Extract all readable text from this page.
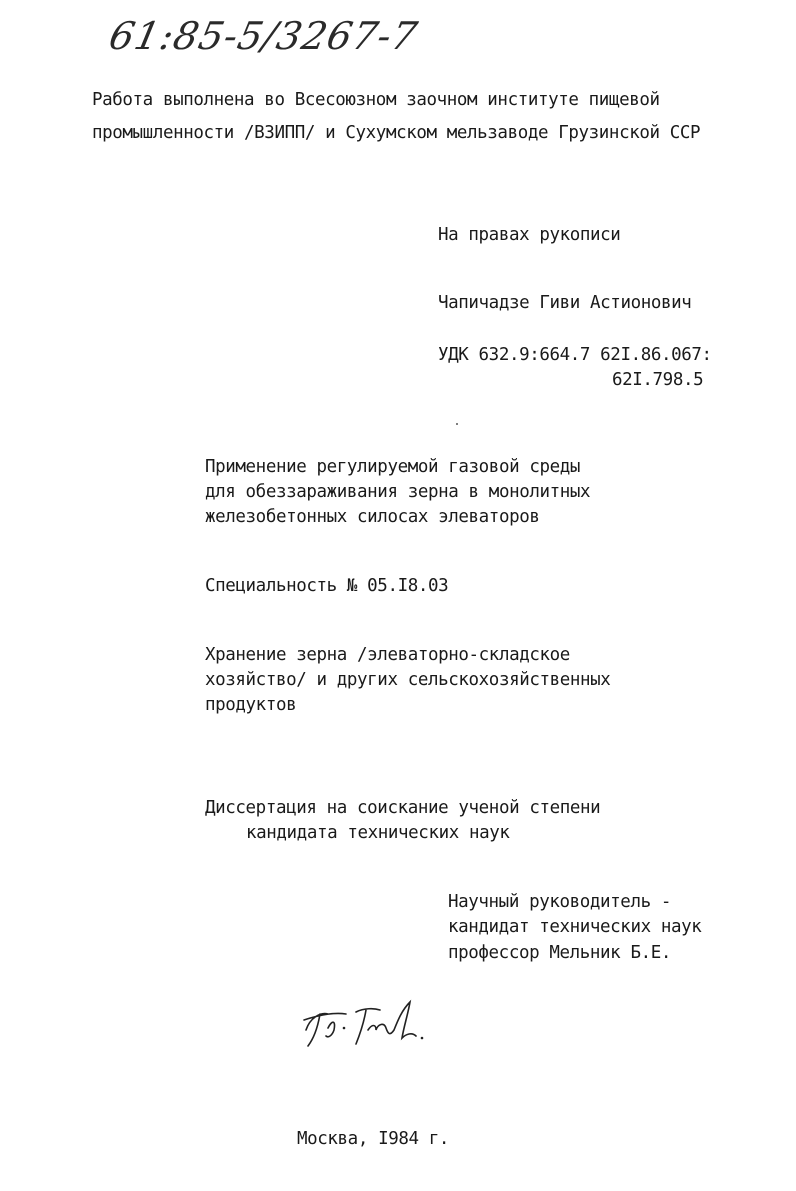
61:85-5/3267-7
Работа выполнена во Всесоюзном заочном институте пищевой
промышленности /ВЗИПП/ и Сухумском мельзаводе Грузинской ССР
На правах рукописи
Чапичадзе Гиви Астионович
УДК 632.9:664.7 62I.86.067:
62I.798.5
Применение регулируемой газовой среды
для обеззараживания зерна в монолитных
железобетонных силосах элеваторов
Специальность № 05.I8.03
Хранение зерна /элеваторно-складское
хозяйство/ и других сельскохозяйственных
продуктов
Диссертация на соискание ученой степени
кандидата технических наук
Научный руководитель -
кандидат технических наук
профессор Мельник Б.Е.
Москва, I984 г.
